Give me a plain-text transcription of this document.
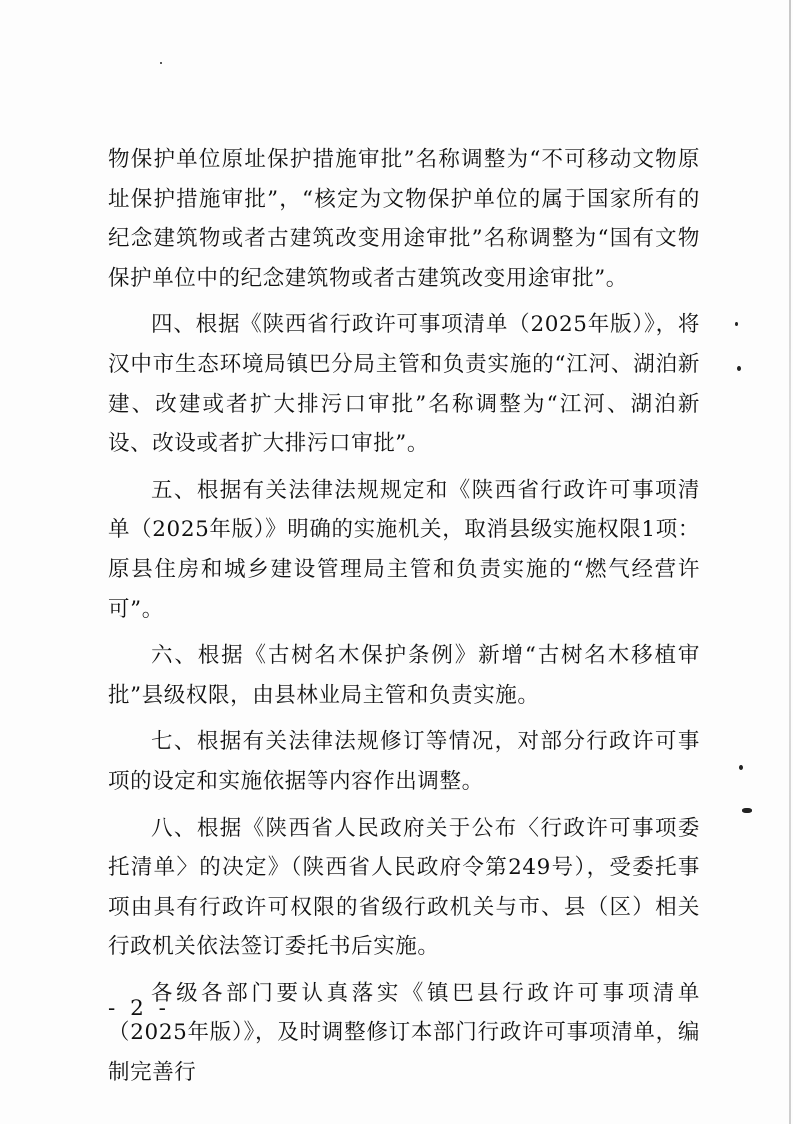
物保护单位原址保护措施审批”名称调整为“不可移动文物原址保护措施审批”，“核定为文物保护单位的属于国家所有的纪念建筑物或者古建筑改变用途审批”名称调整为“国有文物保护单位中的纪念建筑物或者古建筑改变用途审批”。

四、根据《陕西省行政许可事项清单（2025年版）》，将汉中市生态环境局镇巴分局主管和负责实施的“江河、湖泊新建、改建或者扩大排污口审批”名称调整为“江河、湖泊新设、改设或者扩大排污口审批”。

五、根据有关法律法规规定和《陕西省行政许可事项清单（2025年版）》明确的实施机关，取消县级实施权限1项：原县住房和城乡建设管理局主管和负责实施的“燃气经营许可”。

六、根据《古树名木保护条例》新增“古树名木移植审批”县级权限，由县林业局主管和负责实施。

七、根据有关法律法规修订等情况，对部分行政许可事项的设定和实施依据等内容作出调整。

八、根据《陕西省人民政府关于公布〈行政许可事项委托清单〉的决定》（陕西省人民政府令第249号），受委托事项由具有行政许可权限的省级行政机关与市、县（区）相关行政机关依法签订委托书后实施。

各级各部门要认真落实《镇巴县行政许可事项清单（2025年版）》，及时调整修订本部门行政许可事项清单，编制完善行

- 2 -
